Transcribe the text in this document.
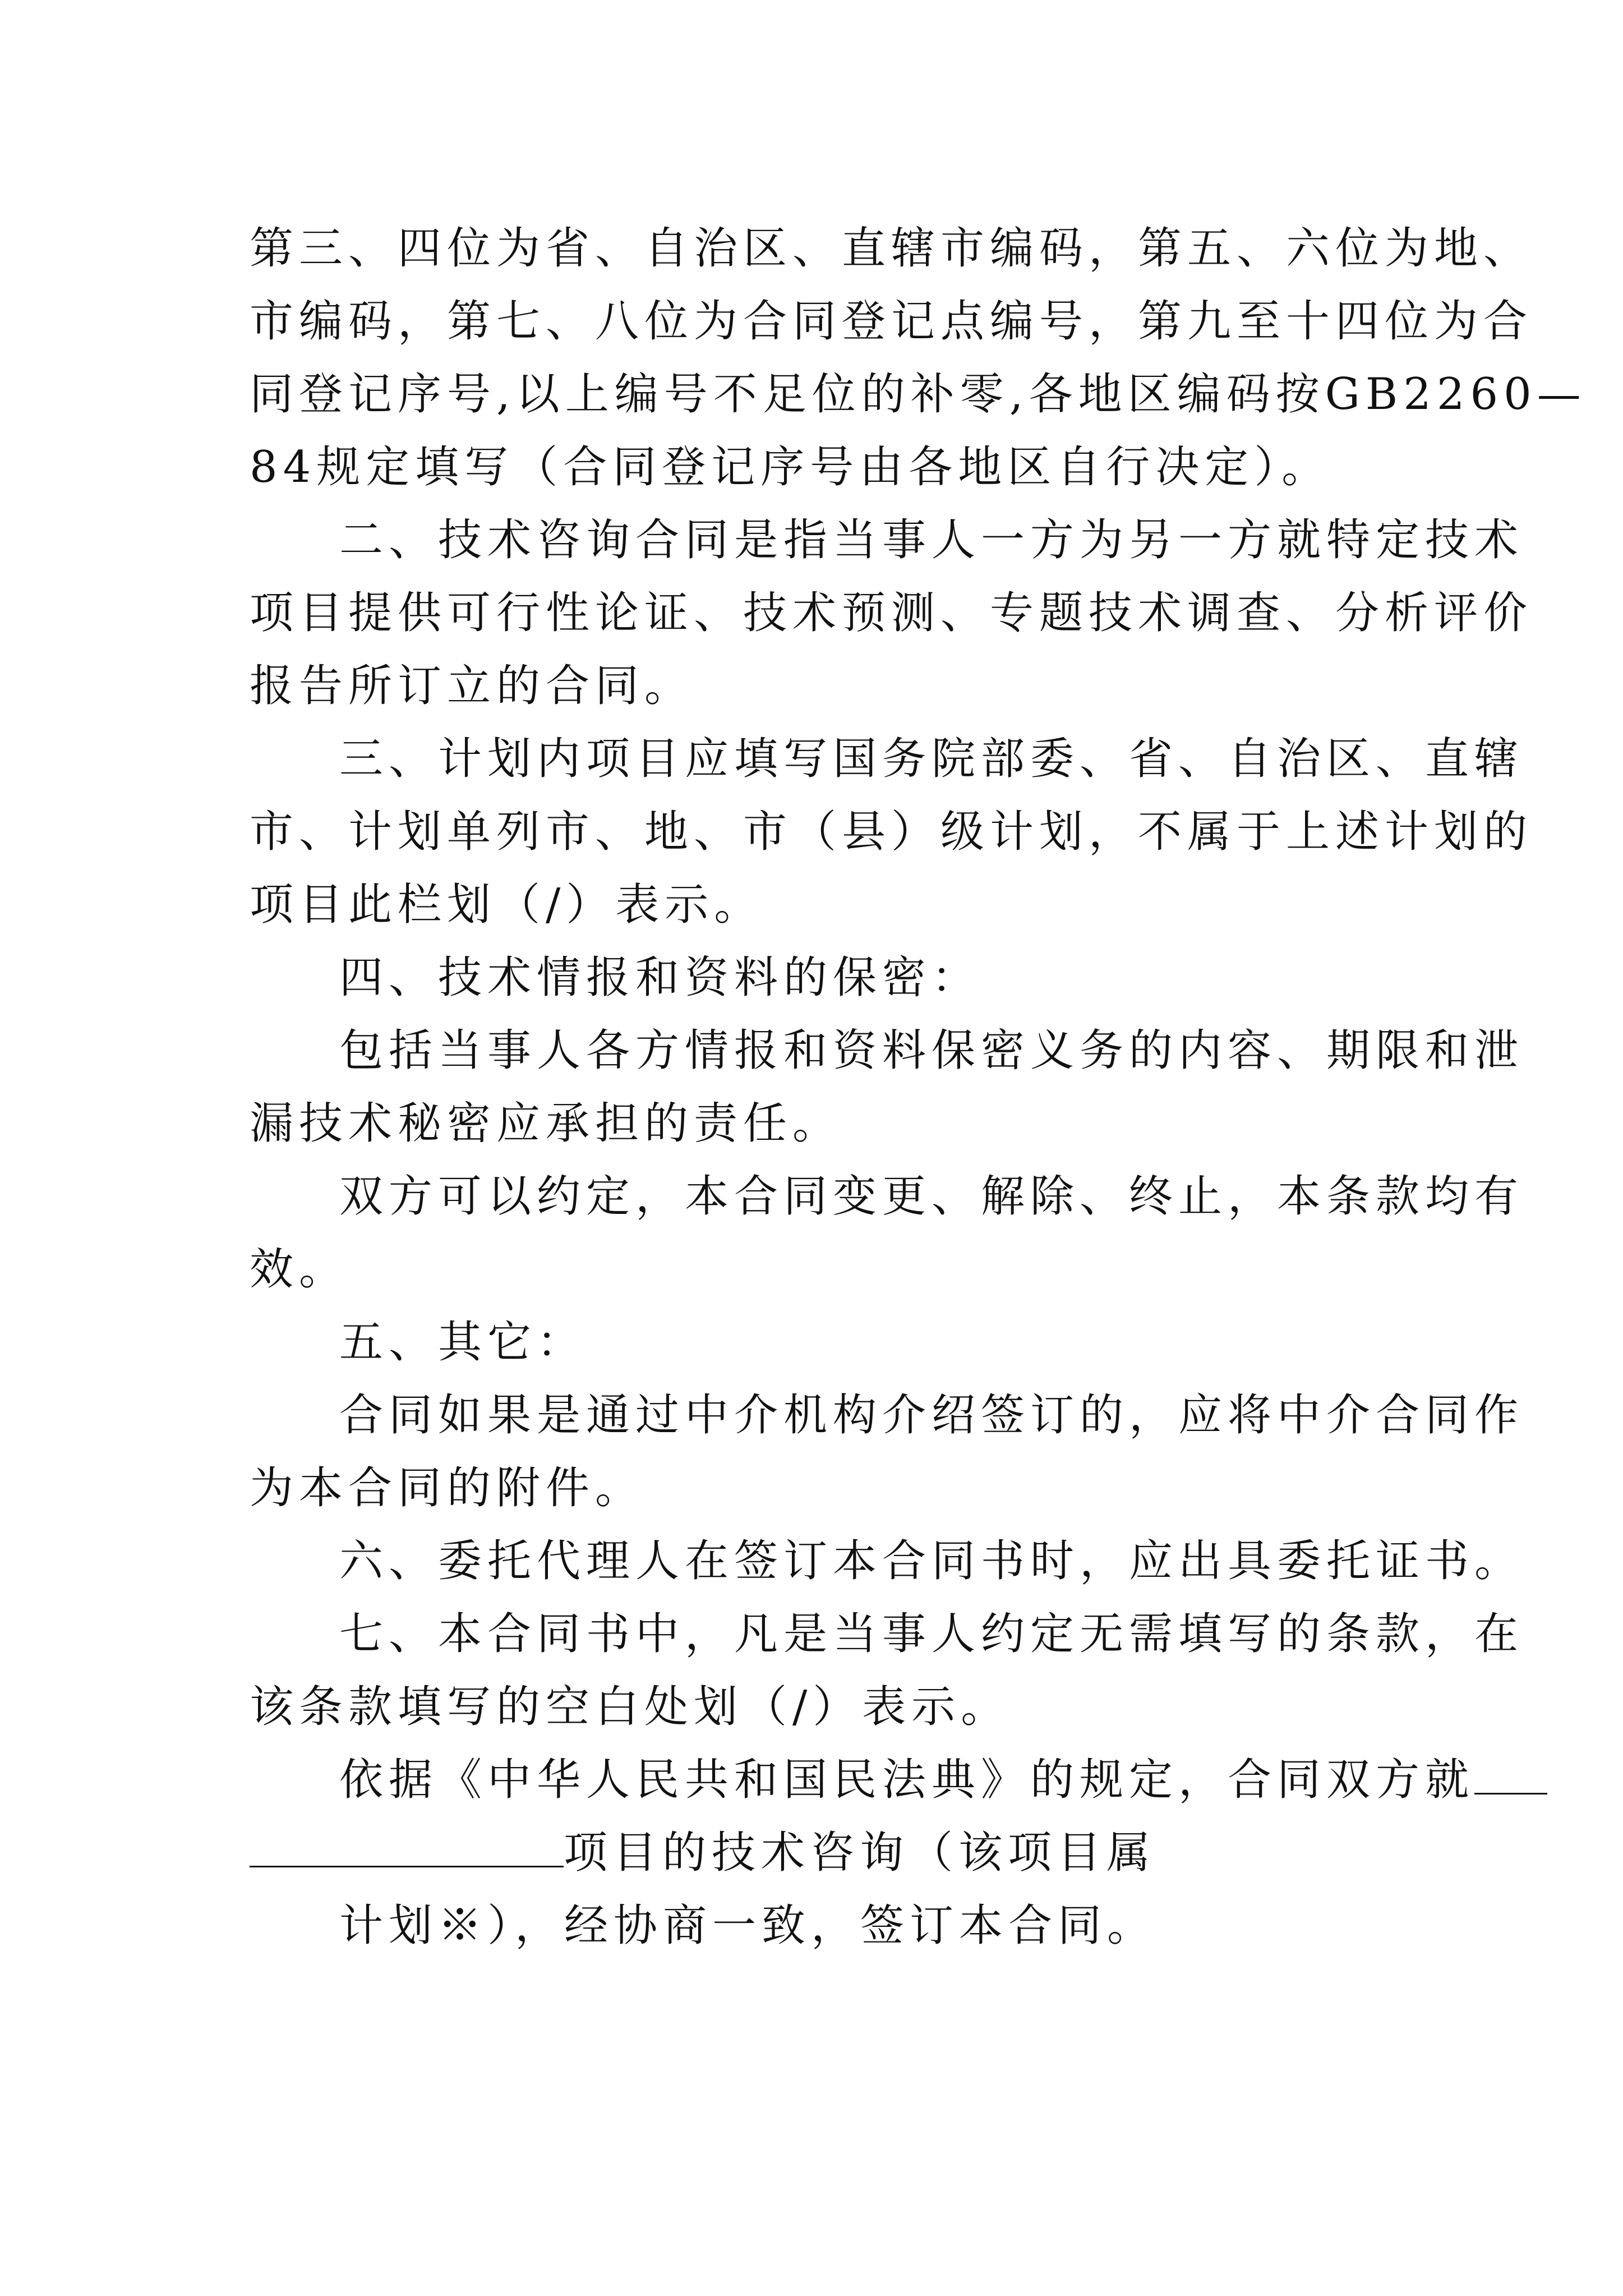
第三、四位为省、自治区、直辖市编码，第五、六位为地、
市编码，第七、八位为合同登记点编号，第九至十四位为合
同登记序号,以上编号不足位的补零,各地区编码按GB2260—
84规定填写（合同登记序号由各地区自行决定）。

二、技术咨询合同是指当事人一方为另一方就特定技术
项目提供可行性论证、技术预测、专题技术调查、分析评价
报告所订立的合同。

三、计划内项目应填写国务院部委、省、自治区、直辖
市、计划单列市、地、市（县）级计划，不属于上述计划的
项目此栏划（/）表示。

四、技术情报和资料的保密：

包括当事人各方情报和资料保密义务的内容、期限和泄
漏技术秘密应承担的责任。

双方可以约定，本合同变更、解除、终止，本条款均有
效。

五、其它：

合同如果是通过中介机构介绍签订的，应将中介合同作
为本合同的附件。

六、委托代理人在签订本合同书时，应出具委托证书。

七、本合同书中，凡是当事人约定无需填写的条款，在
该条款填写的空白处划（/）表示。

依据《中华人民共和国民法典》的规定，合同双方就
项目的技术咨询（该项目属
计划※），经协商一致，签订本合同。
